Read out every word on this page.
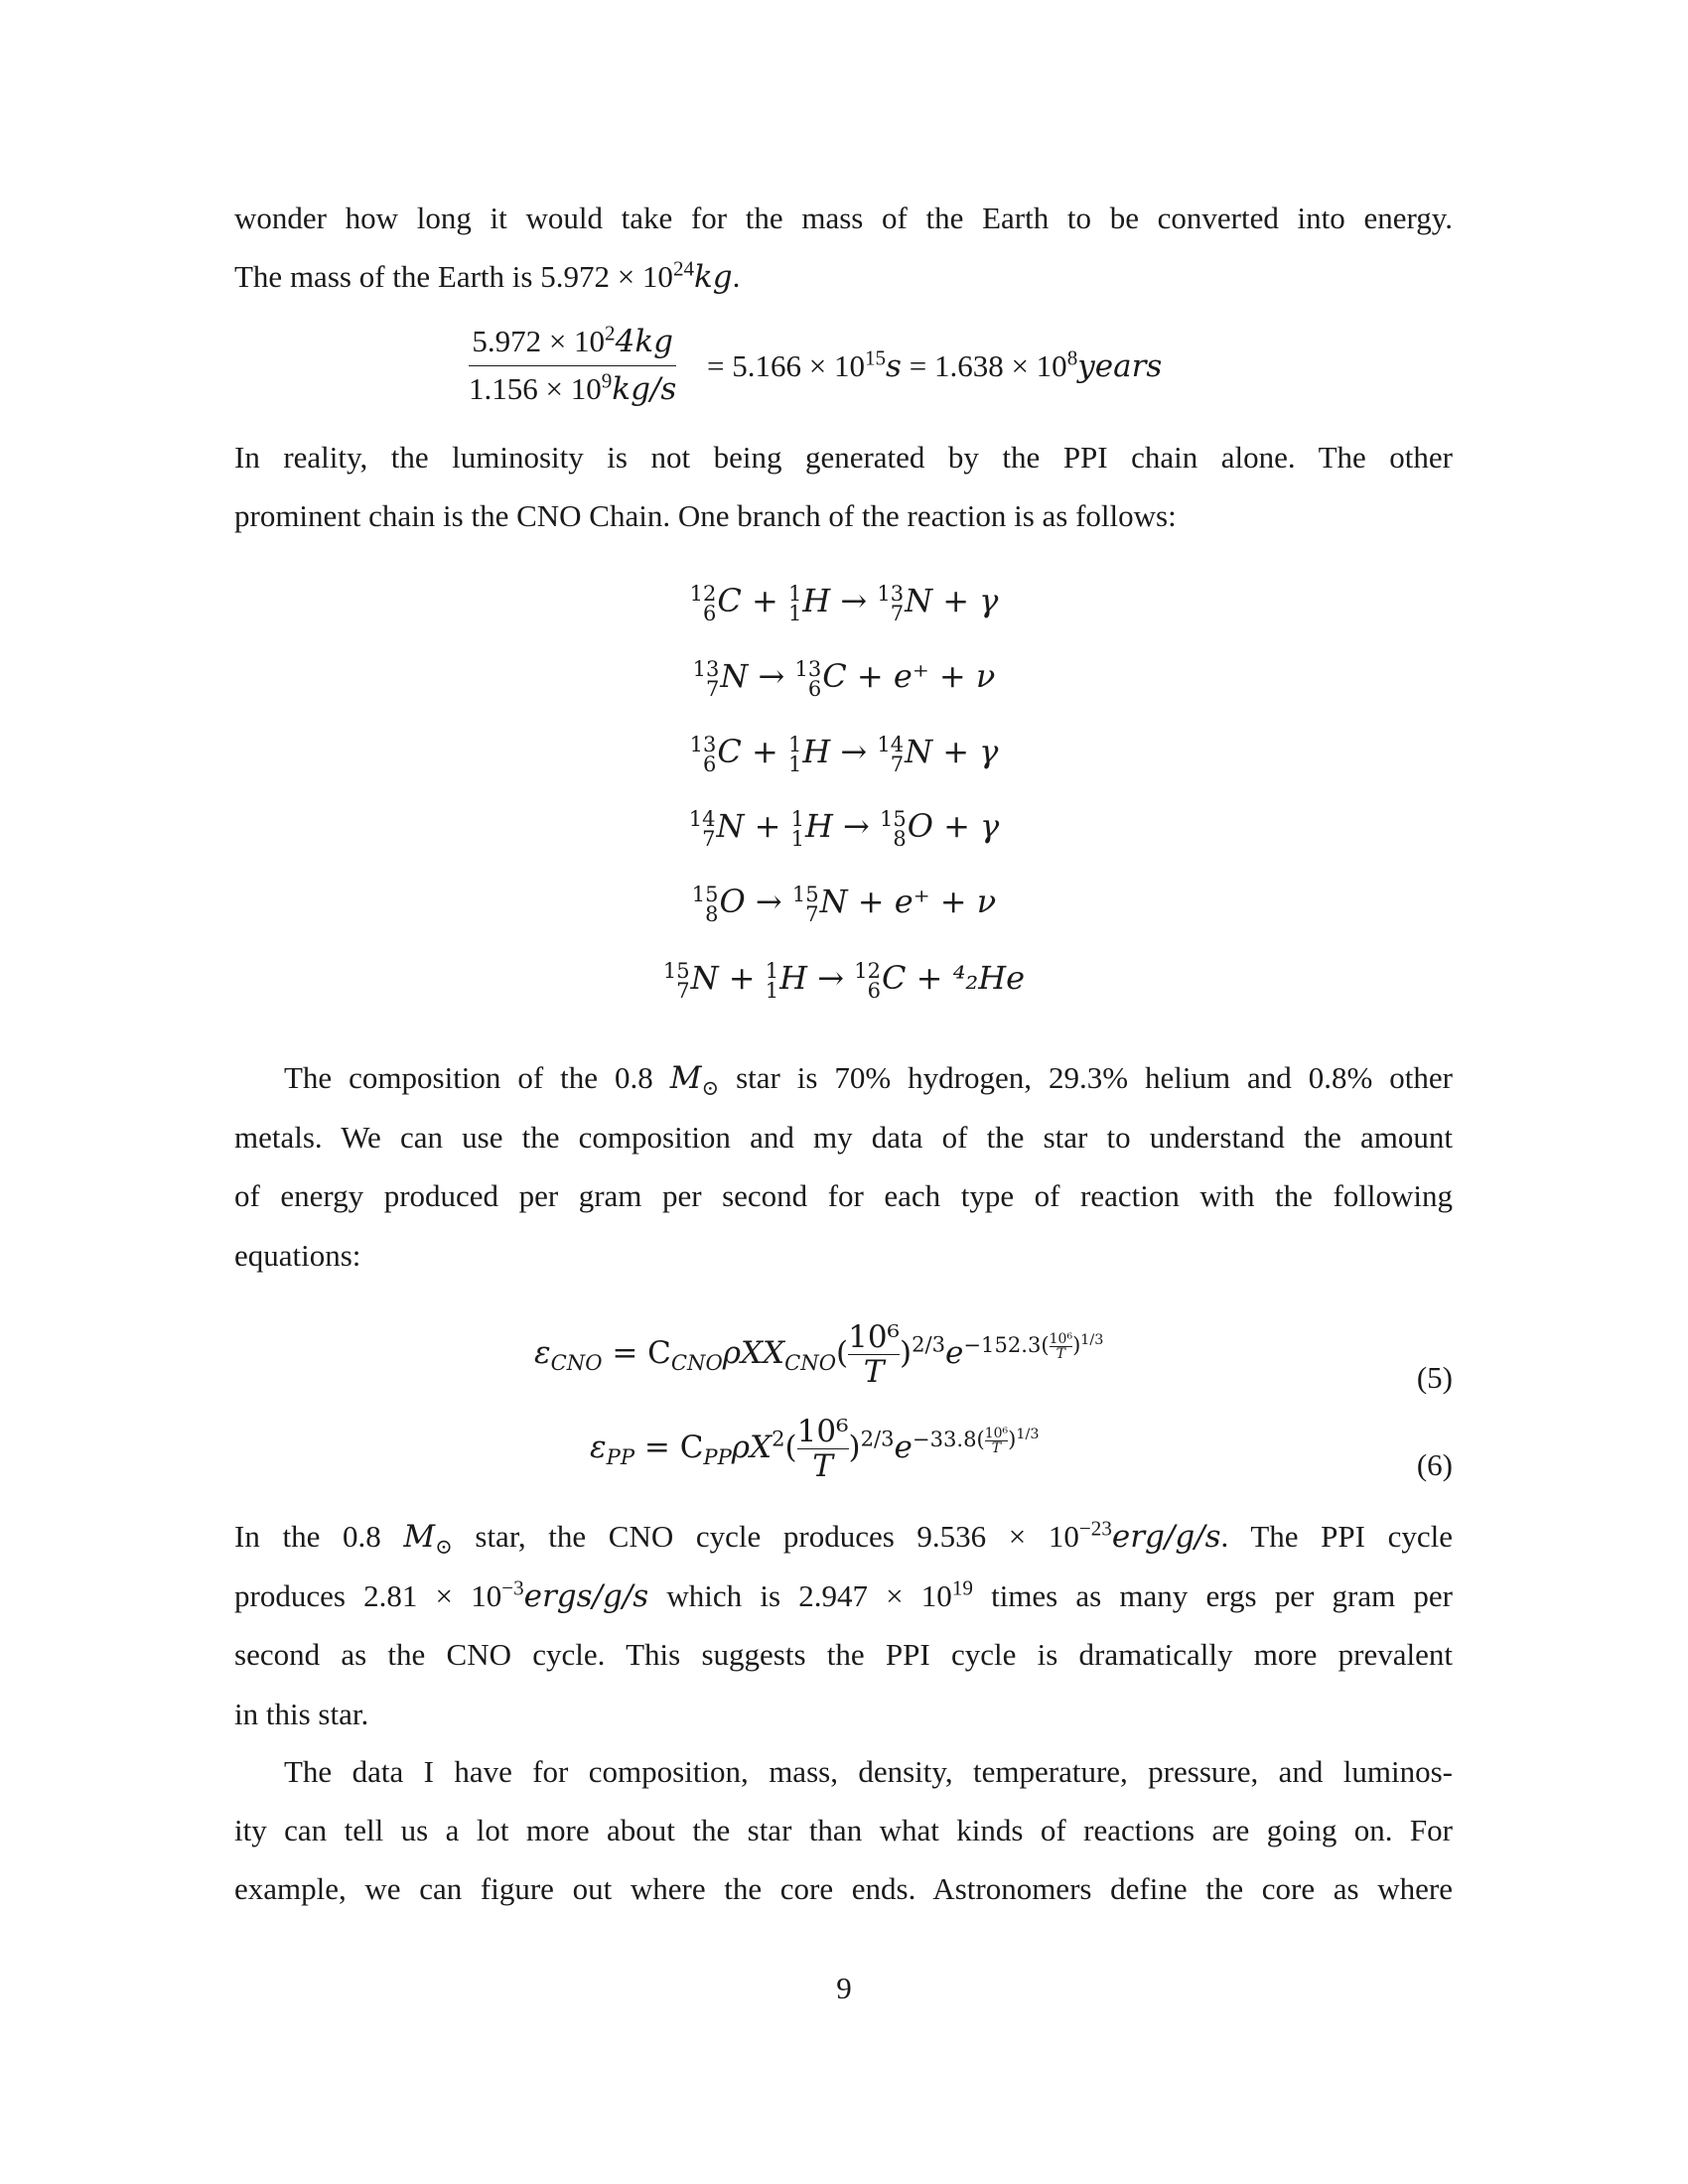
wonder how long it would take for the mass of the Earth to be converted into energy.
The mass of the Earth is $5.972 \times 10^{24}kg$.
$5.972 \times 10^24kg$
$1.156 \times 10^9kg/s$
= $5.166 \times 10^{15}s = 1.638$ × $10^8years$
In reality, the luminosity is not being generated by the PPI chain alone. The other
prominent chain is the CNO Chain. One branch of the reaction is as follows:
12
6 C + 1
1 H → 13
7 N + γ
13
7 N → 13
6 C + e⁺ + ν
13
6 C + 1
1 H → 14
7 N + γ
14
7 N + 1
1 H → 15
8 O + γ
15
8 O → 15
7 N + e⁺ + ν
15
7 N + 1
1 H → 12
6 C + ⁴₂He
The composition of the 0.8 $M_⊙$ star is 70% hydrogen, 29.3% helium and 0.8% other
metals. We can use the composition and my data of the star to understand the amount
of energy produced per gram per second for each type of reaction with the following
equations:
$\varepsilon_{CNO} = C_{CNO}\rho XX_{CNO}( \frac{\text{10⁶}}{T} )^{2/3}e^{-152.3( \frac{\text{10⁶}}{T} )^{1/3}}$
(5)
$\varepsilon_{PP} = C_{PP}\rho X^2( \frac{\text{10⁶}}{T} )^{2/3}e^{-33.8( \frac{\text{10⁶}}{T} )^{1/3}}$
(6)
In the 0.8 $M_⊙$ star, the CNO cycle produces $9.536 \times 10^{-23}erg/g/s$. The PPI cycle
produces $2.81 \times 10^{-3}ergs/g/s$ which is $2.947 \times 10^{19}$ times as many ergs per gram per
second as the CNO cycle. This suggests the PPI cycle is dramatically more prevalent
in this star.
The data I have for composition, mass, density, temperature, pressure, and luminos-
ity can tell us a lot more about the star than what kinds of reactions are going on. For
example, we can figure out where the core ends. Astronomers define the core as where
9
